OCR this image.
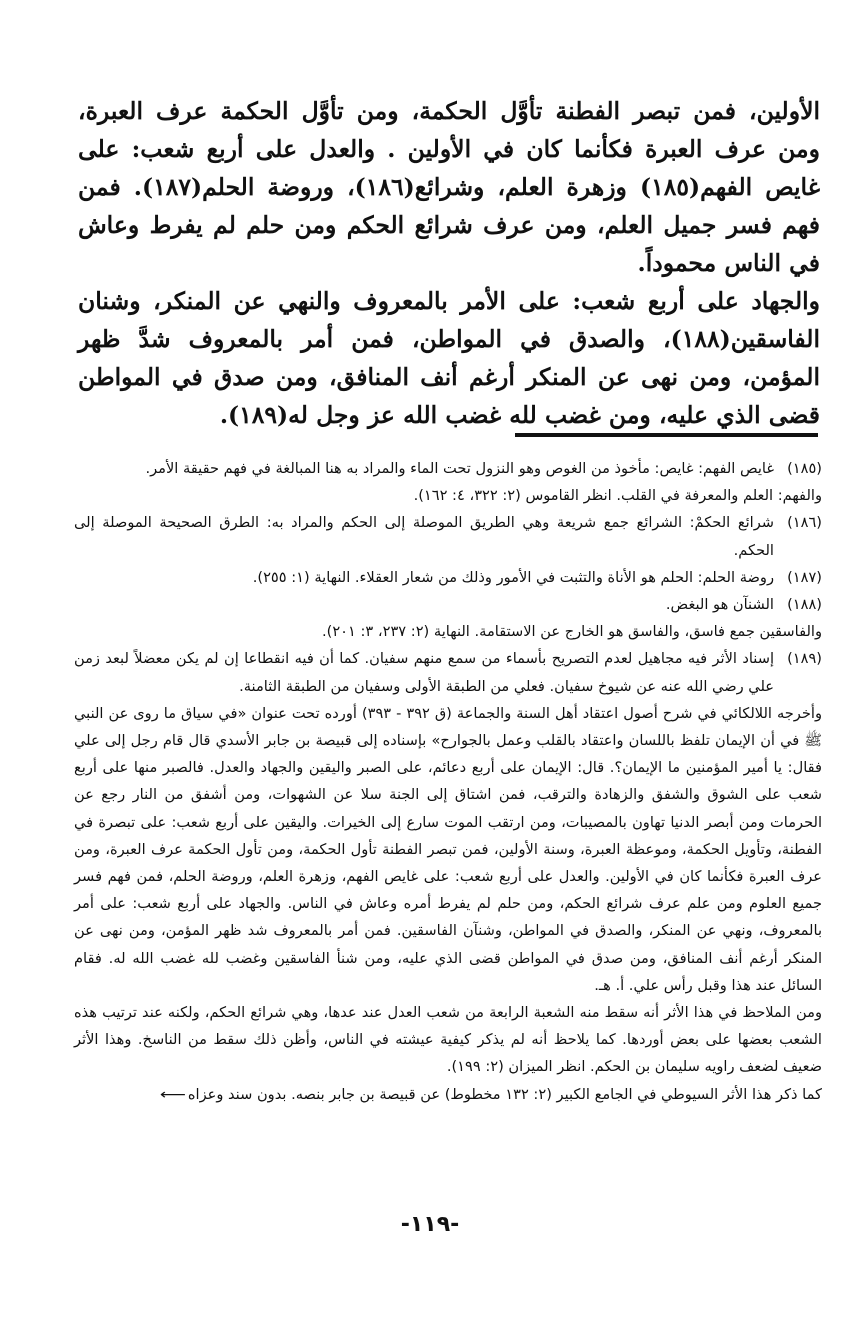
الأولين، فمن تبصر الفطنة تأوَّل الحكمة، ومن تأوَّل الحكمة عرف العبرة، ومن عرف العبرة فكأنما كان في الأولين . والعدل على أربع شعب: على غايص الفهم(١٨٥) وزهرة العلم، وشرائع(١٨٦)، وروضة الحلم(١٨٧). فمن فهم فسر جميل العلم، ومن عرف شرائع الحكم ومن حلم لم يفرط وعاش في الناس محموداً.

والجهاد على أربع شعب: على الأمر بالمعروف والنهي عن المنكر، وشنان الفاسقين(١٨٨)، والصدق في المواطن، فمن أمر بالمعروف شدَّ ظهر المؤمن، ومن نهى عن المنكر أرغم أنف المنافق، ومن صدق في المواطن قضى الذي عليه، ومن غضب لله غضب الله عز وجل له(١٨٩).

(١٨٥)

غايص الفهم: غايص: مأخوذ من الغوص وهو النزول تحت الماء والمراد به هنا المبالغة في فهم حقيقة الأمر.

والفهم: العلم والمعرفة في القلب. انظر القاموس (٢: ٣٢٢، ٤: ١٦٢).

(١٨٦)

شرائع الحكمْ: الشرائع جمع شريعة وهي الطريق الموصلة إلى الحكم والمراد به: الطرق الصحيحة الموصلة إلى الحكم.

(١٨٧)

روضة الحلم: الحلم هو الأناة والتثبت في الأمور وذلك من شعار العقلاء. النهاية (١: ٢٥٥).

(١٨٨)

الشنآن هو البغض.

والفاسقين جمع فاسق، والفاسق هو الخارج عن الاستقامة. النهاية (٢: ٢٣٧، ٣: ٢٠١).

(١٨٩)

إسناد الأثر فيه مجاهيل لعدم التصريح بأسماء من سمع منهم سفيان. كما أن فيه انقطاعا إن لم يكن معضلاً لبعد زمن علي رضي الله عنه عن شيوخ سفيان. فعلي من الطبقة الأولى وسفيان من الطبقة الثامنة.

وأخرجه اللالكائي في شرح أصول اعتقاد أهل السنة والجماعة (ق ٣٩٢ - ٣٩٣) أورده تحت عنوان «في سياق ما روى عن النبي ﷺ في أن الإيمان تلفظ باللسان واعتقاد بالقلب وعمل بالجوارح» بإسناده إلى قبيصة بن جابر الأسدي قال قام رجل إلى علي فقال: يا أمير المؤمنين ما الإيمان؟. قال: الإيمان على أربع دعائم، على الصبر واليقين والجهاد والعدل. فالصبر منها على أربع شعب على الشوق والشفق والزهادة والترقب، فمن اشتاق إلى الجنة سلا عن الشهوات، ومن أشفق من النار رجع عن الحرمات ومن أبصر الدنيا تهاون بالمصيبات، ومن ارتقب الموت سارع إلى الخيرات. واليقين على أربع شعب: على تبصرة في الفطنة، وتأويل الحكمة، وموعظة العبرة، وسنة الأولين، فمن تبصر الفطنة تأول الحكمة، ومن تأول الحكمة عرف العبرة، ومن عرف العبرة فكأنما كان في الأولين. والعدل على أربع شعب: على غايص الفهم، وزهرة العلم، وروضة الحلم، فمن فهم فسر جميع العلوم ومن علم عرف شرائع الحكم، ومن حلم لم يفرط أمره وعاش في الناس. والجهاد على أربع شعب: على أمر بالمعروف، ونهي عن المنكر، والصدق في المواطن، وشنآن الفاسقين. فمن أمر بالمعروف شد ظهر المؤمن، ومن نهى عن المنكر أرغم أنف المنافق، ومن صدق في المواطن قضى الذي عليه، ومن شنأ الفاسقين وغضب لله غضب الله له. فقام السائل عند هذا وقبل رأس علي. أ. هـ.

ومن الملاحظ في هذا الأثر أنه سقط منه الشعبة الرابعة من شعب العدل عند عدها، وهي شرائع الحكم، ولكنه عند ترتيب هذه الشعب بعضها على بعض أوردها. كما يلاحظ أنه لم يذكر كيفية عيشته في الناس، وأظن ذلك سقط من الناسخ. وهذا الأثر ضعيف لضعف راويه سليمان بن الحكم. انظر الميزان (٢: ١٩٩).

كما ذكر هذا الأثر السيوطي في الجامع الكبير (٢: ١٣٢ مخطوط) عن قبيصة بن جابر بنصه. بدون سند وعزاه ⟵

-١١٩-
